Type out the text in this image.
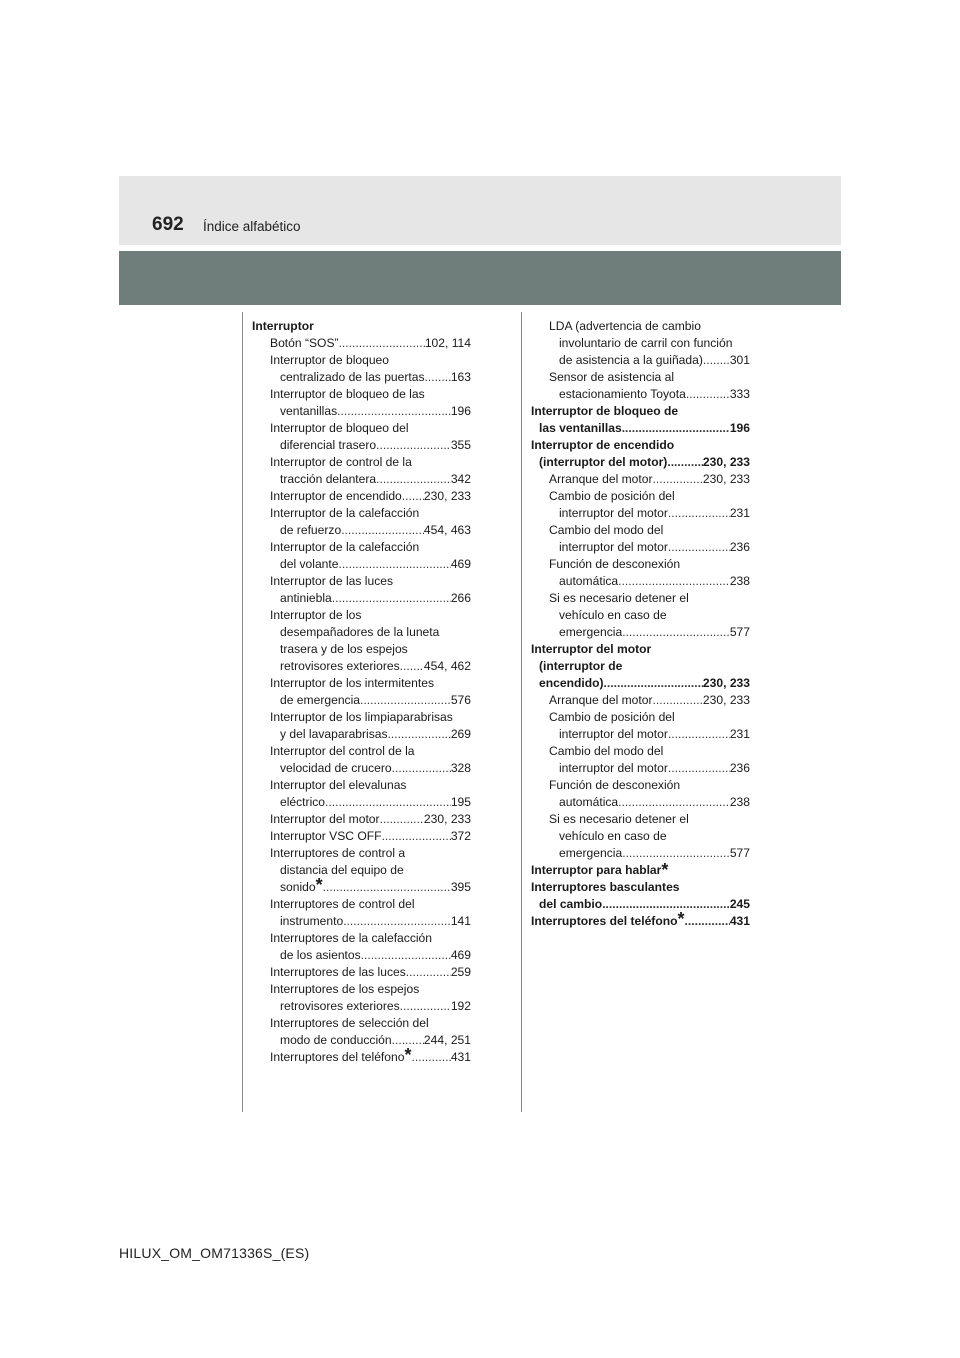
692 Índice alfabético
Interruptor
Botón “SOS” .....	102, 114
Interruptor de bloqueo
centralizado de las puertas ..... 163
Interruptor de bloqueo de las
ventanillas .....	196
Interruptor de bloqueo del
diferencial trasero .....	355
Interruptor de control de la
tracción delantera .....	342
Interruptor de encendido ..... 230, 233
Interruptor de la calefacción
de refuerzo .....	454, 463
Interruptor de la calefacción
del volante .....	469
Interruptor de las luces
antiniebla .....	266
Interruptor de los
desempañadores de la luneta
trasera y de los espejos
retrovisores exteriores ..... 454, 462
Interruptor de los intermitentes
de emergencia .....	576
Interruptor de los limpiaparabrisas
y del lavaparabrisas .....	269
Interruptor del control de la
velocidad de crucero .....	328
Interruptor del elevalunas
eléctrico .....	195
Interruptor del motor .....	230, 233
Interruptor VSC OFF .....	372
Interruptores de control a
distancia del equipo de
sonido * .....	395
Interruptores de control del
instrumento .....	141
Interruptores de la calefacción
de los asientos .....	469
Interruptores de las luces .....	259
Interruptores de los espejos
retrovisores exteriores .....	192
Interruptores de selección del
modo de conducción .....	244, 251
Interruptores del teléfono * .....	431
LDA (advertencia de cambio
involuntario de carril con función
de asistencia a la guiñada) ..... 301
Sensor de asistencia al
estacionamiento Toyota .....	333
Interruptor de bloqueo de
las ventanillas .....	196
Interruptor de encendido
(interruptor del motor) .....	230, 233
Arranque del motor .....	230, 233
Cambio de posición del
interruptor del motor .....	231
Cambio del modo del
interruptor del motor .....	236
Función de desconexión
automática .....	238
Si es necesario detener el
vehículo en caso de
emergencia .....	577
Interruptor del motor
(interruptor de
encendido) .....	230, 233
Arranque del motor .....	230, 233
Cambio de posición del
interruptor del motor .....	231
Cambio del modo del
interruptor del motor .....	236
Función de desconexión
automática .....	238
Si es necesario detener el
vehículo en caso de
emergencia .....	577
Interruptor para hablar*
Interruptores basculantes
del cambio .....	245
Interruptores del teléfono * .....	431
HILUX_OM_OM71336S_(ES)
